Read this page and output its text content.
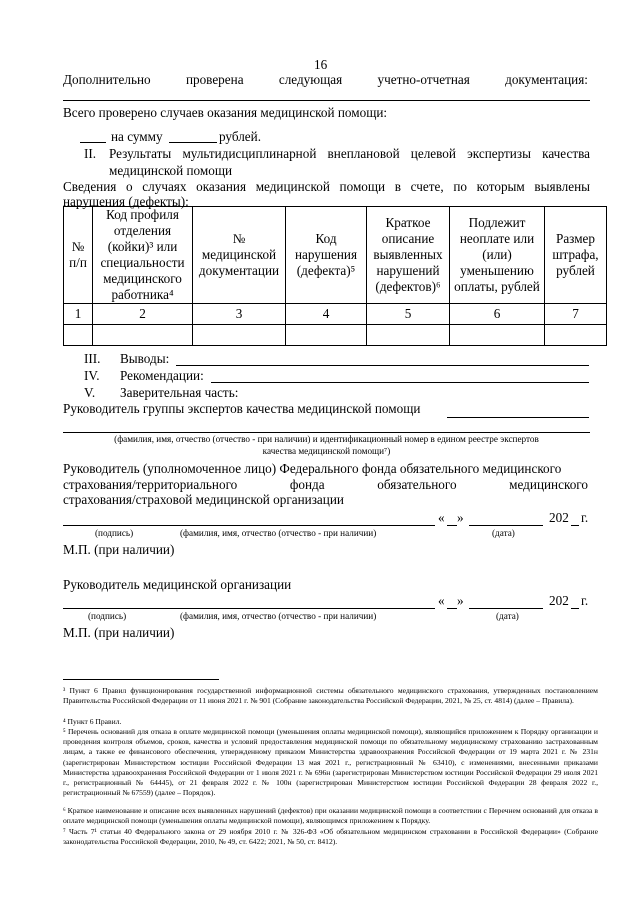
16
Дополнительно	проверена	следующая	учетно-отчетная	документация:
Всего проверено случаев оказания медицинской помощи:
на сумму	рублей.
II. Результаты мультидисциплинарной внеплановой целевой экспертизы качества
медицинской помощи
Сведения о случаях оказания медицинской помощи в счете, по которым выявлены
нарушения (дефекты):
№ п/п	Код профиля отделения (койки)³ или специальности медицинского работника⁴	№ медицинской документации	Код нарушения (дефекта)⁵	Краткое описание выявленных нарушений (дефектов)⁶	Подлежит неоплате или (или) уменьшению оплаты, рублей	Размер штрафа, рублей
1	2	3	4	5	6	7

III. Выводы:
IV. Рекомендации:
V. Заверительная часть:
Руководитель группы экспертов качества медицинской помощи
(фамилия, имя, отчество (отчество - при наличии) и идентификационный номер в едином реестре экспертов
качества медицинской помощи⁷)
Руководитель (уполномоченное лицо) Федерального фонда обязательного медицинского
страхования/территориального	фонда	обязательного	медицинского
страхования/страховой медицинской организации
« »	202 г.
(подпись)	(фамилия, имя, отчество (отчество - при наличии)	(дата)
М.П. (при наличии)
Руководитель медицинской организации
« »	202 г.
(подпись)	(фамилия, имя, отчество (отчество - при наличии)	(дата)
М.П. (при наличии)
³ Пункт 6 Правил функционирования государственной информационной системы обязательного медицинского страхования, утвержденных постановлением Правительства Российской Федерации от 11 июня 2021 г. № 901 (Собрание законодательства Российской Федерации, 2021, № 25, ст. 4814) (далее – Правила).
⁴ Пункт 6 Правил.
⁵ Перечень оснований для отказа в оплате медицинской помощи (уменьшения оплаты медицинской помощи), являющийся приложением к Порядку организации и проведения контроля объемов, сроков, качества и условий предоставления медицинской помощи по обязательному медицинскому страхованию застрахованным лицам, а также ее финансового обеспечения, утвержденному приказом Министерства здравоохранения Российской Федерации от 19 марта 2021 г. № 231н (зарегистрирован Министерством юстиции Российской Федерации 13 мая 2021 г., регистрационный № 63410), с изменениями, внесенными приказами Министерства здравоохранения Российской Федерации от 1 июля 2021 г. № 696н (зарегистрирован Министерством юстиции Российской Федерации 29 июля 2021 г., регистрационный № 64445), от 21 февраля 2022 г. № 100н (зарегистрирован Министерством юстиции Российской Федерации 28 февраля 2022 г., регистрационный № 67559) (далее – Порядок).
⁶ Краткое наименование и описание всех выявленных нарушений (дефектов) при оказании медицинской помощи в соответствии с Перечнем оснований для отказа в оплате медицинской помощи (уменьшения оплаты медицинской помощи), являющимся приложением к Порядку.
⁷ Часть 7¹ статьи 40 Федерального закона от 29 ноября 2010 г. № 326-ФЗ «Об обязательном медицинском страховании в Российской Федерации» (Собрание законодательства Российской Федерации, 2010, № 49, ст. 6422; 2021, № 50, ст. 8412).
